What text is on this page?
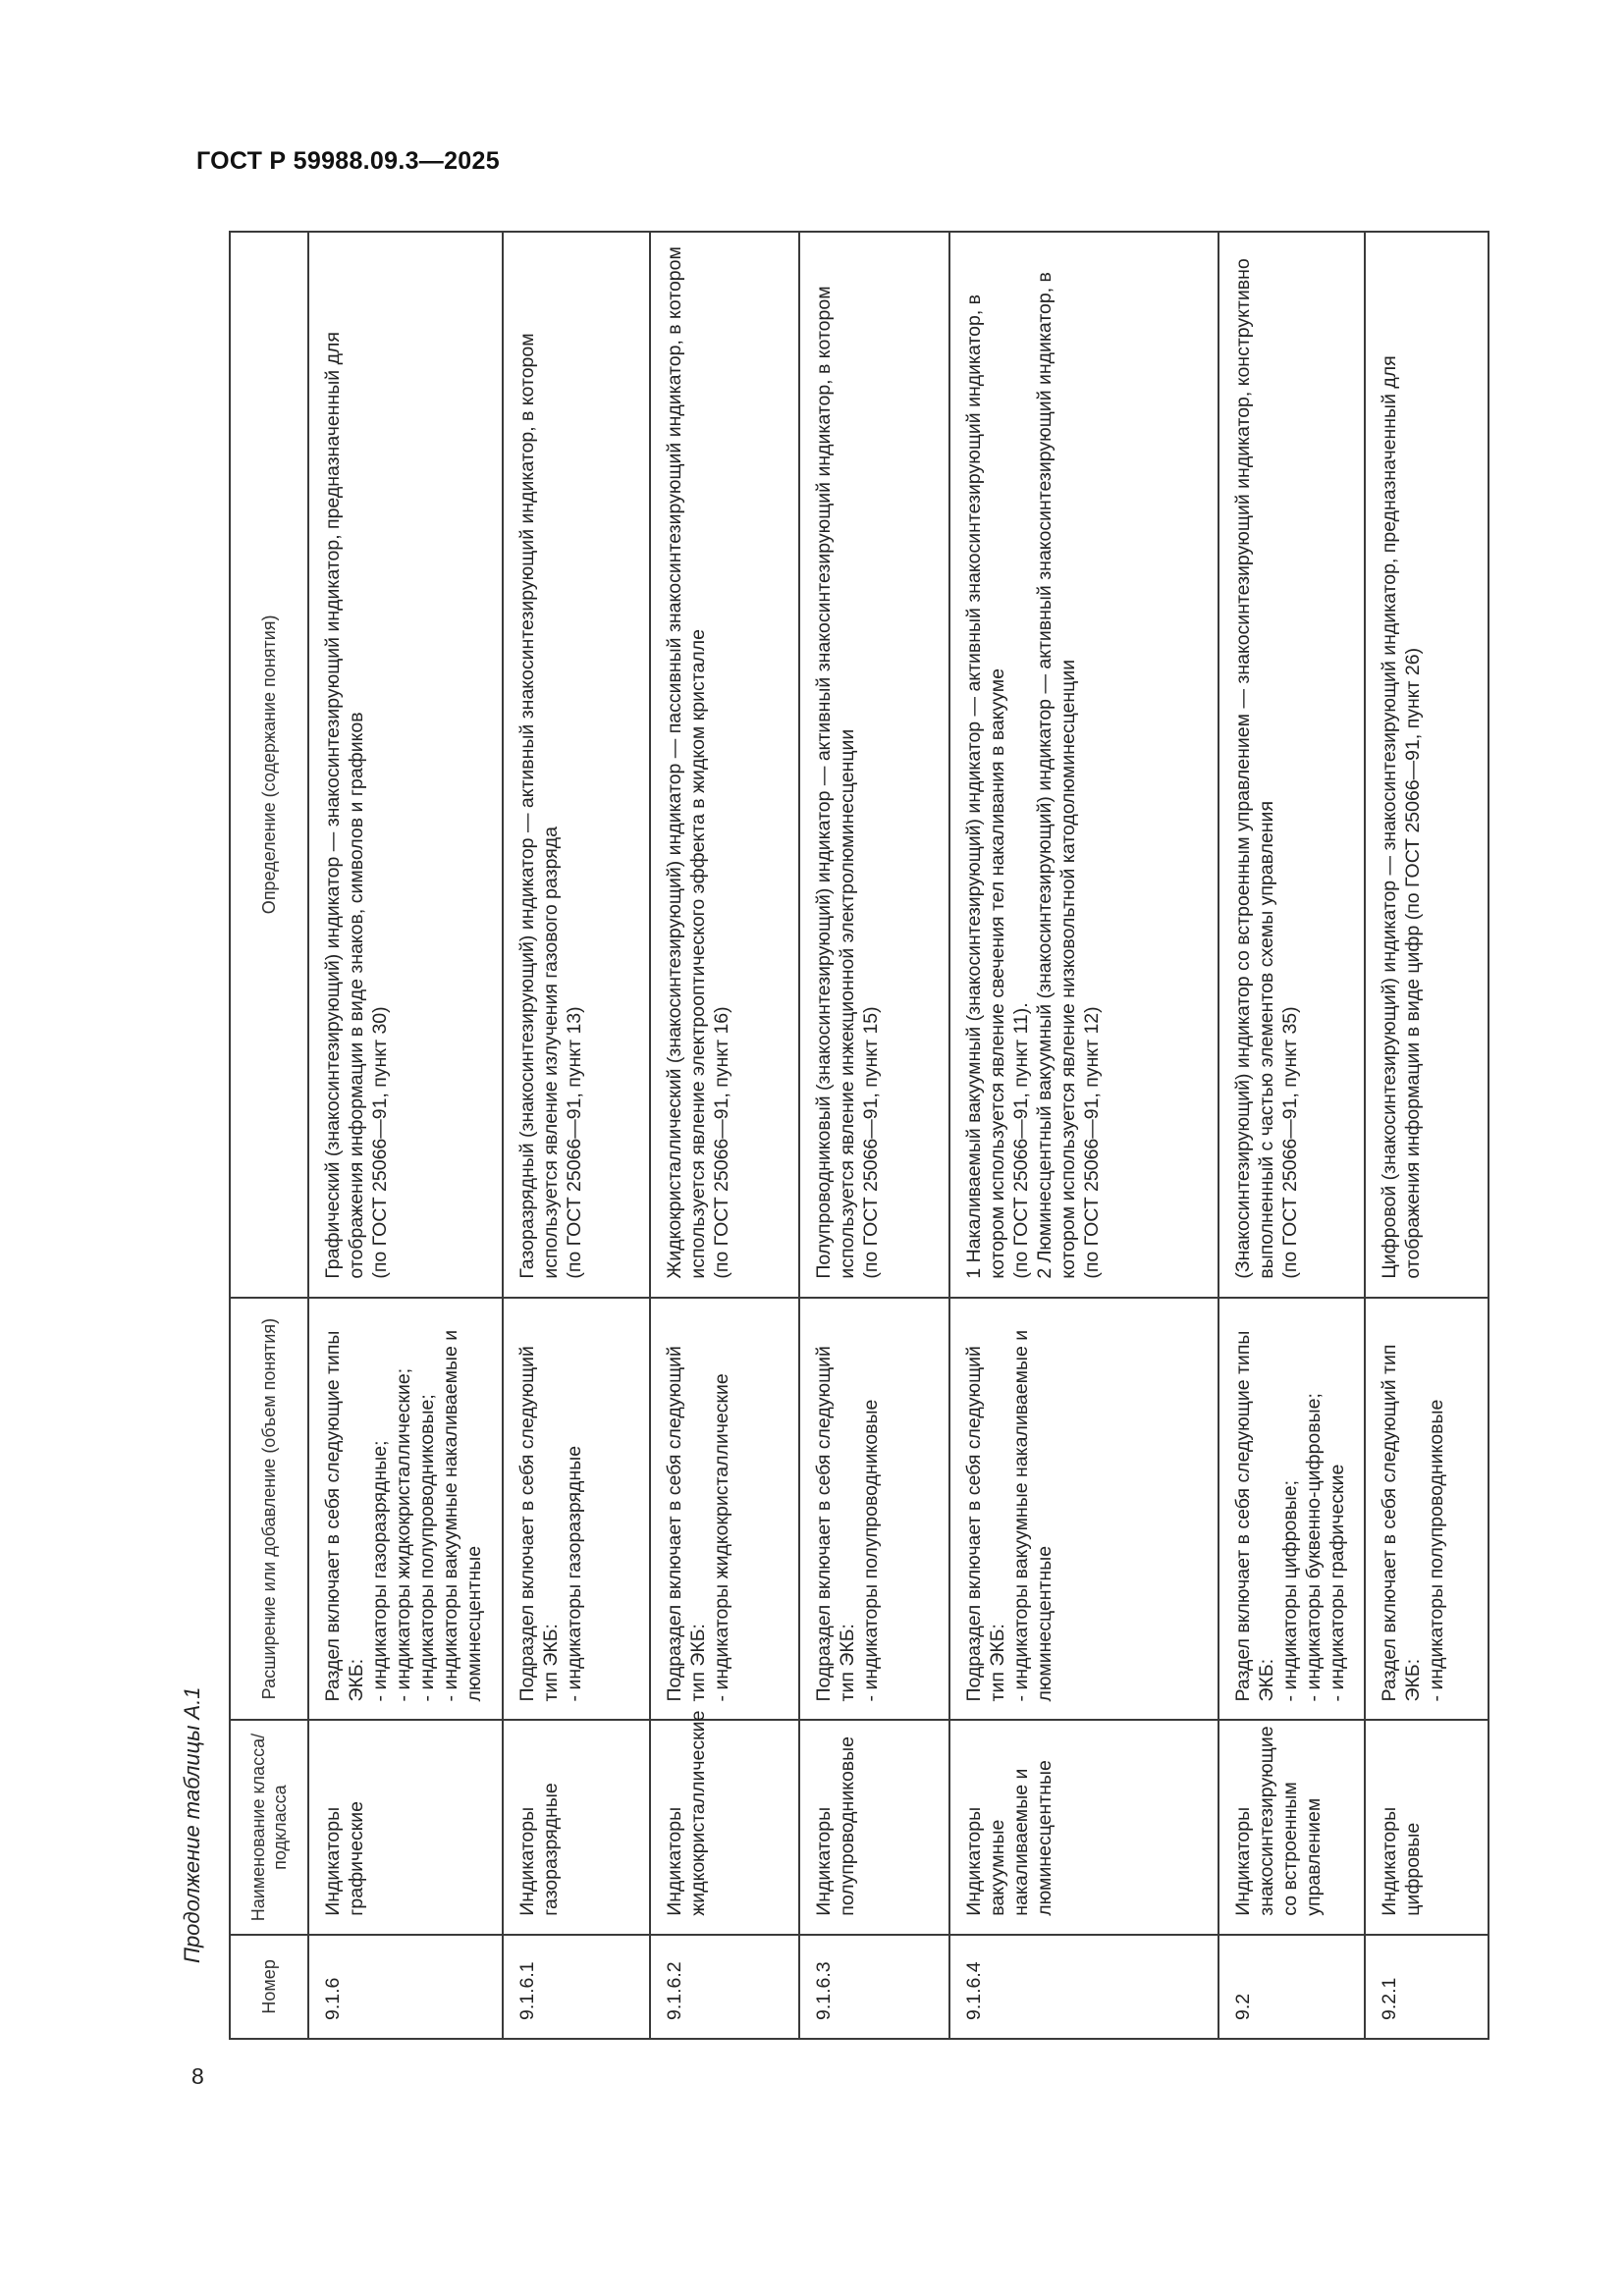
ГОСТ Р 59988.09.3—2025
Продолжение таблицы А.1
8
Номер	Наименование класса/подкласса	Расширение или добавление (объем понятия)	Определение (содержание понятия)
9.1.6	Индикаторы графические	Раздел включает в себя следующие типы ЭКБ:
- индикаторы газоразрядные;
- индикаторы жидкокристаллические;
- индикаторы полупроводниковые;
- индикаторы вакуумные накаливаемые и люминесцентные	Графический (знакосинтезирующий) индикатор — знакосинтезирующий индикатор, предназначенный для отображения информации в виде знаков, символов и графиков
(по ГОСТ 25066—91, пункт 30)
9.1.6.1	Индикаторы газоразрядные	Подраздел включает в себя следующий тип ЭКБ:
- индикаторы газоразрядные	Газоразрядный (знакосинтезирующий) индикатор — активный знакосинтезирующий индикатор, в котором используется явление излучения газового разряда
(по ГОСТ 25066—91, пункт 13)
9.1.6.2	Индикаторы жидкокристаллические	Подраздел включает в себя следующий тип ЭКБ:
- индикаторы жидкокристаллические	Жидкокристаллический (знакосинтезирующий) индикатор — пассивный знакосинтезирующий индикатор, в котором используется явление электрооптического эффекта в жидком кристалле
(по ГОСТ 25066—91, пункт 16)
9.1.6.3	Индикаторы полупроводниковые	Подраздел включает в себя следующий тип ЭКБ:
- индикаторы полупроводниковые	Полупроводниковый (знакосинтезирующий) индикатор — активный знакосинтезирующий индикатор, в котором используется явление инжекционной электролюминесценции
(по ГОСТ 25066—91, пункт 15)
9.1.6.4	Индикаторы вакуумные накаливаемые и люминесцентные	Подраздел включает в себя следующий тип ЭКБ:
- индикаторы вакуумные накаливаемые и люминесцентные	1 Накаливаемый вакуумный (знакосинтезирующий) индикатор — активный знакосинтезирующий индикатор, в котором используется явление свечения тел накаливания в вакууме
(по ГОСТ 25066—91, пункт 11).
2 Люминесцентный вакуумный (знакосинтезирующий) индикатор — активный знакосинтезирующий индикатор, в котором используется явление низковольтной катодолюминесценции
(по ГОСТ 25066—91, пункт 12)
9.2	Индикаторы знакосинтезирующие со встроенным управлением	Раздел включает в себя следующие типы ЭКБ:
- индикаторы цифровые;
- индикаторы буквенно-цифровые;
- индикаторы графические	(Знакосинтезирующий) индикатор со встроенным управлением — знакосинтезирующий индикатор, конструктивно выполненный с частью элементов схемы управления
(по ГОСТ 25066—91, пункт 35)
9.2.1	Индикаторы цифровые	Раздел включает в себя следующий тип ЭКБ:
- индикаторы полупроводниковые	Цифровой (знакосинтезирующий) индикатор — знакосинтезирующий индикатор, предназначенный для отображения информации в виде цифр (по ГОСТ 25066—91, пункт 26)
